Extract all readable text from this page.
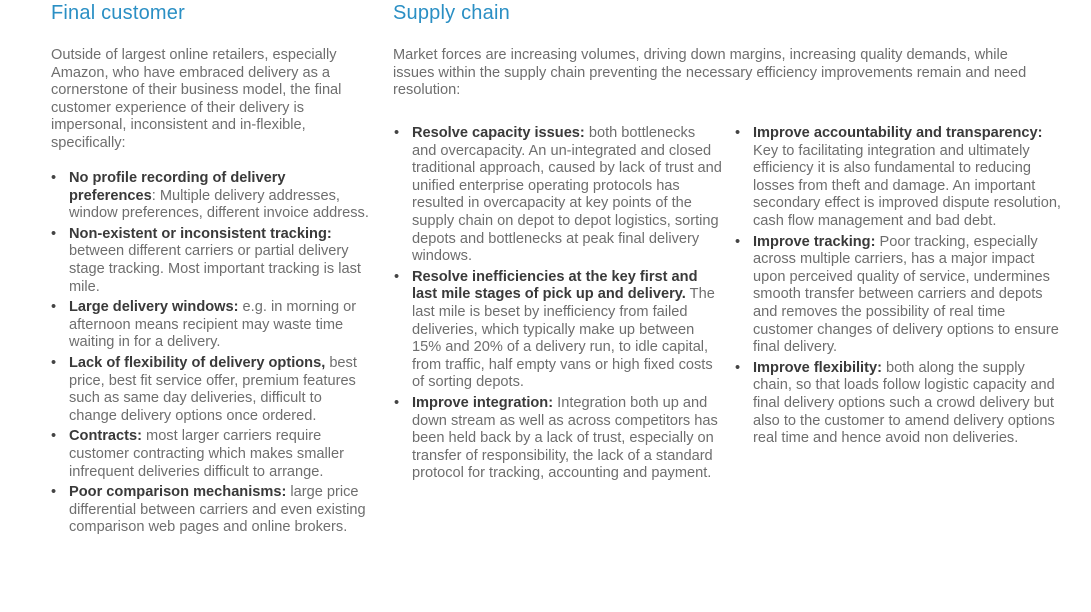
Final customer

Outside of largest online retailers, especially Amazon, who have embraced delivery as a cornerstone of their business model, the final customer experience of their delivery is impersonal, inconsistent and in-flexible, specifically:

• No profile recording of delivery preferences: Multiple delivery addresses, window preferences, different invoice address.
• Non-existent or inconsistent tracking: between different carriers or partial delivery stage tracking. Most important tracking is last mile.
• Large delivery windows: e.g. in morning or afternoon means recipient may waste time waiting in for a delivery.
• Lack of flexibility of delivery options, best price, best fit service offer, premium features such as same day deliveries, difficult to change delivery options once ordered.
• Contracts: most larger carriers require customer contracting which makes smaller infrequent deliveries difficult to arrange.
• Poor comparison mechanisms: large price differential between carriers and even existing comparison web pages and online brokers.
Supply chain

Market forces are increasing volumes, driving down margins, increasing quality demands, while issues within the supply chain preventing the necessary efficiency improvements remain and need resolution:

• Resolve capacity issues: both bottlenecks and overcapacity. An un-integrated and closed traditional approach, caused by lack of trust and unified enterprise operating protocols has resulted in overcapacity at key points of the supply chain on depot to depot logistics, sorting depots and bottlenecks at peak final delivery windows.
• Resolve inefficiencies at the key first and last mile stages of pick up and delivery. The last mile is beset by inefficiency from failed deliveries, which typically make up between 15% and 20% of a delivery run, to idle capital, from traffic, half empty vans or high fixed costs of sorting depots.
• Improve integration: Integration both up and down stream as well as across competitors has been held back by a lack of trust, especially on transfer of responsibility, the lack of a standard protocol for tracking, accounting and payment.
• Improve accountability and transparency: Key to facilitating integration and ultimately efficiency it is also fundamental to reducing losses from theft and damage. An important secondary effect is improved dispute resolution, cash flow management and bad debt.
• Improve tracking: Poor tracking, especially across multiple carriers, has a major impact upon perceived quality of service, undermines smooth transfer between carriers and depots and removes the possibility of real time customer changes of delivery options to ensure final delivery.
• Improve flexibility: both along the supply chain, so that loads follow logistic capacity and final delivery options such a crowd delivery but also to the customer to amend delivery options real time and hence avoid non deliveries.
